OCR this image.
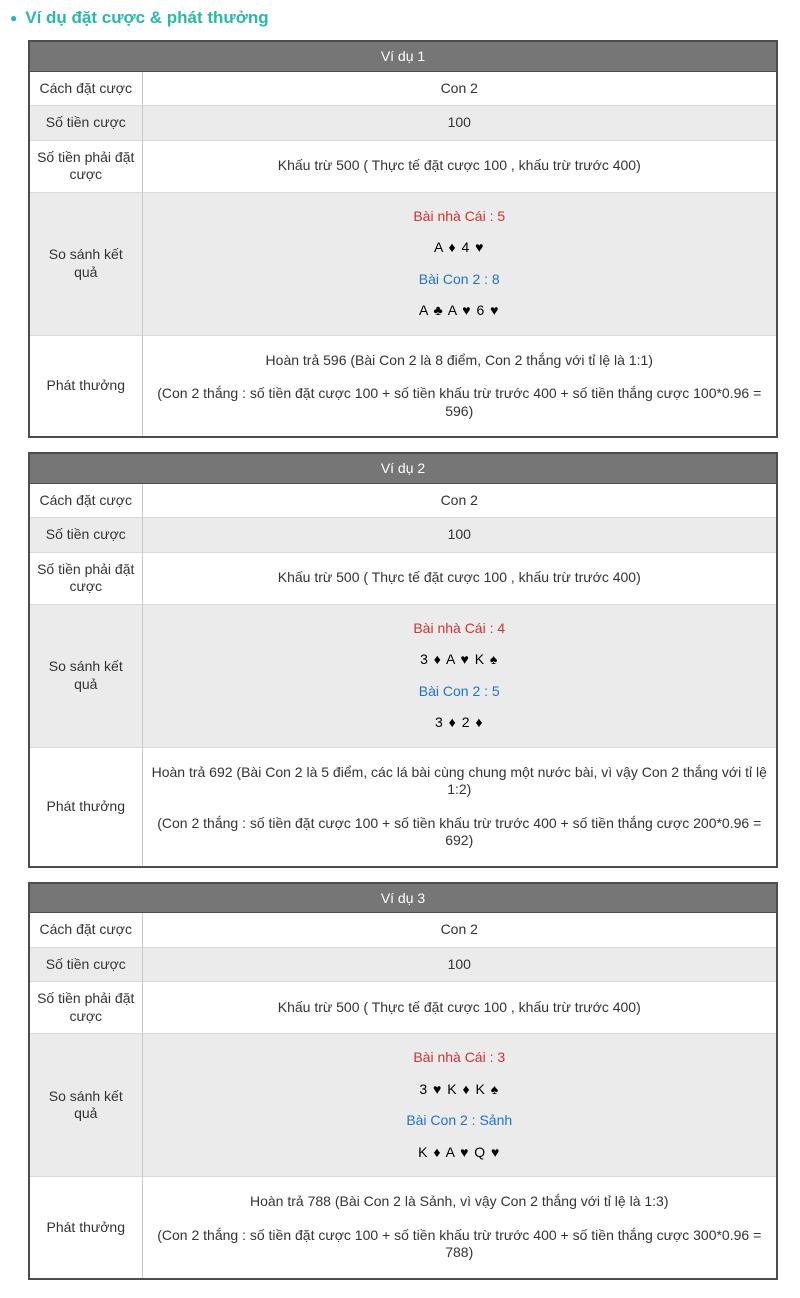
● Ví dụ đặt cược & phát thưởng
Ví dụ 1	
Cách đặt cược	Con 2
Số tiền cược	100
Số tiền phải đặt cược	Khấu trừ 500 ( Thực tế đặt cược 100 , khấu trừ trước 400)
So sánh kết quả	Bài nhà Cái : 5
A ♦ 4 ♥
Bài Con 2 : 8
A ♣ A ♥ 6 ♥

Phát thưởng	Hoàn trả 596 (Bài Con 2 là 8 điểm, Con 2 thắng với tỉ lệ là 1:1)
(Con 2 thắng : số tiền đặt cược 100 + số tiền khấu trừ trước 400 + số tiền thắng cược 100*0.96 = 596)
Ví dụ 2	
Cách đặt cược	Con 2
Số tiền cược	100
Số tiền phải đặt cược	Khấu trừ 500 ( Thực tế đặt cược 100 , khấu trừ trước 400)
So sánh kết quả	Bài nhà Cái : 4
3 ♦ A ♥ K ♠
Bài Con 2 : 5
3 ♦ 2 ♦

Phát thưởng	Hoàn trả 692 (Bài Con 2 là 5 điểm, các lá bài cùng chung một nước bài, vì vậy Con 2 thắng với tỉ lệ 1:2)
(Con 2 thắng : số tiền đặt cược 100 + số tiền khấu trừ trước 400 + số tiền thắng cược 200*0.96 = 692)
Ví dụ 3	
Cách đặt cược	Con 2
Số tiền cược	100
Số tiền phải đặt cược	Khấu trừ 500 ( Thực tế đặt cược 100 , khấu trừ trước 400)
So sánh kết quả	Bài nhà Cái : 3
3 ♥ K ♦ K ♠
Bài Con 2 : Sảnh
K ♦ A ♥ Q ♥

Phát thưởng	Hoàn trả 788 (Bài Con 2 là Sảnh, vì vậy Con 2 thắng với tỉ lệ là 1:3)
(Con 2 thắng : số tiền đặt cược 100 + số tiền khấu trừ trước 400 + số tiền thắng cược 300*0.96 = 788)
